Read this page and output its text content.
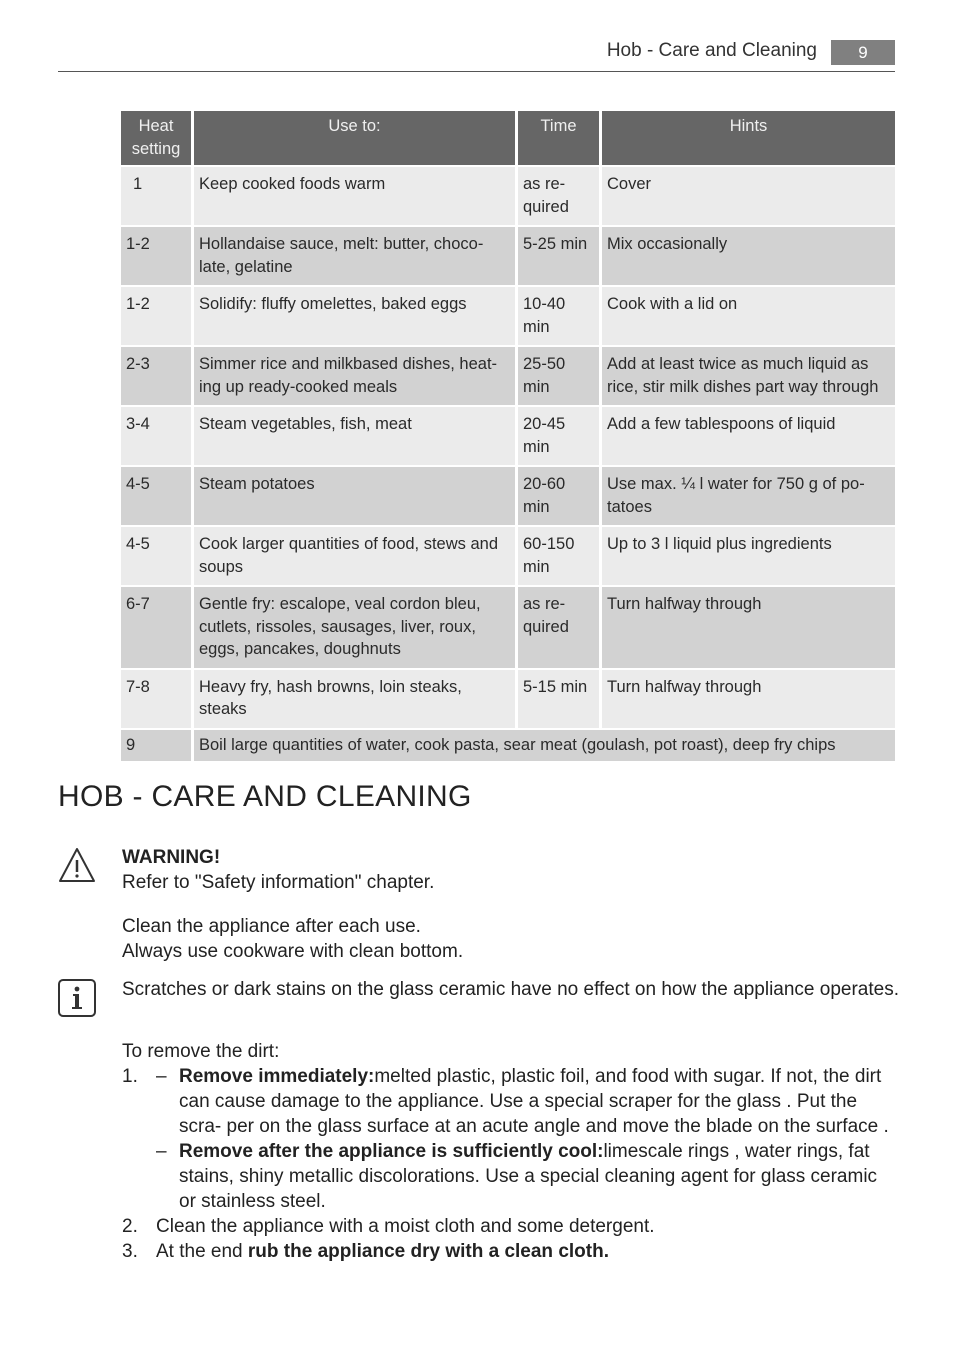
Hob - Care and Cleaning	9
Heat setting	Use to:	Time	Hints
1	Keep cooked foods warm	as re- quired	Cover
1-2	Hollandaise sauce, melt: butter, choco- late, gelatine	5-25 min	Mix occasionally
1-2	Solidify: fluffy omelettes, baked eggs	10-40 min	Cook with a lid on
2-3	Simmer rice and milkbased dishes, heat- ing up ready-cooked meals	25-50 min	Add at least twice as much liquid as rice, stir milk dishes part way through
3-4	Steam vegetables, fish, meat	20-45 min	Add a few tablespoons of liquid
4-5	Steam potatoes	20-60 min	Use max. ¼ l water for 750 g of po- tatoes
4-5	Cook larger quantities of food, stews and soups	60-150 min	Up to 3 l liquid plus ingredients
6-7	Gentle fry: escalope, veal cordon bleu, cutlets, rissoles, sausages, liver, roux, eggs, pancakes, doughnuts	as re- quired	Turn halfway through
7-8	Heavy fry, hash browns, loin steaks, steaks	5-15 min	Turn halfway through
9	Boil large quantities of water, cook pasta, sear meat (goulash, pot roast), deep fry chips		
HOB - CARE AND CLEANING
WARNING!
Refer to "Safety information" chapter.
Clean the appliance after each use.
Always use cookware with clean bottom.
Scratches or dark stains on the glass ceramic have no effect on how the appliance operates.
To remove the dirt:
1. – Remove immediately:melted plastic, plastic foil, and food with sugar. If not, the dirt can cause damage to the appliance. Use a special scraper for the glass . Put the scra- per on the glass surface at an acute angle and move the blade on the surface .
– Remove after the appliance is sufficiently cool:limescale rings , water rings, fat stains, shiny metallic discolorations. Use a special cleaning agent for glass ceramic or stainless steel.
2. Clean the appliance with a moist cloth and some detergent.
3. At the end rub the appliance dry with a clean cloth.
